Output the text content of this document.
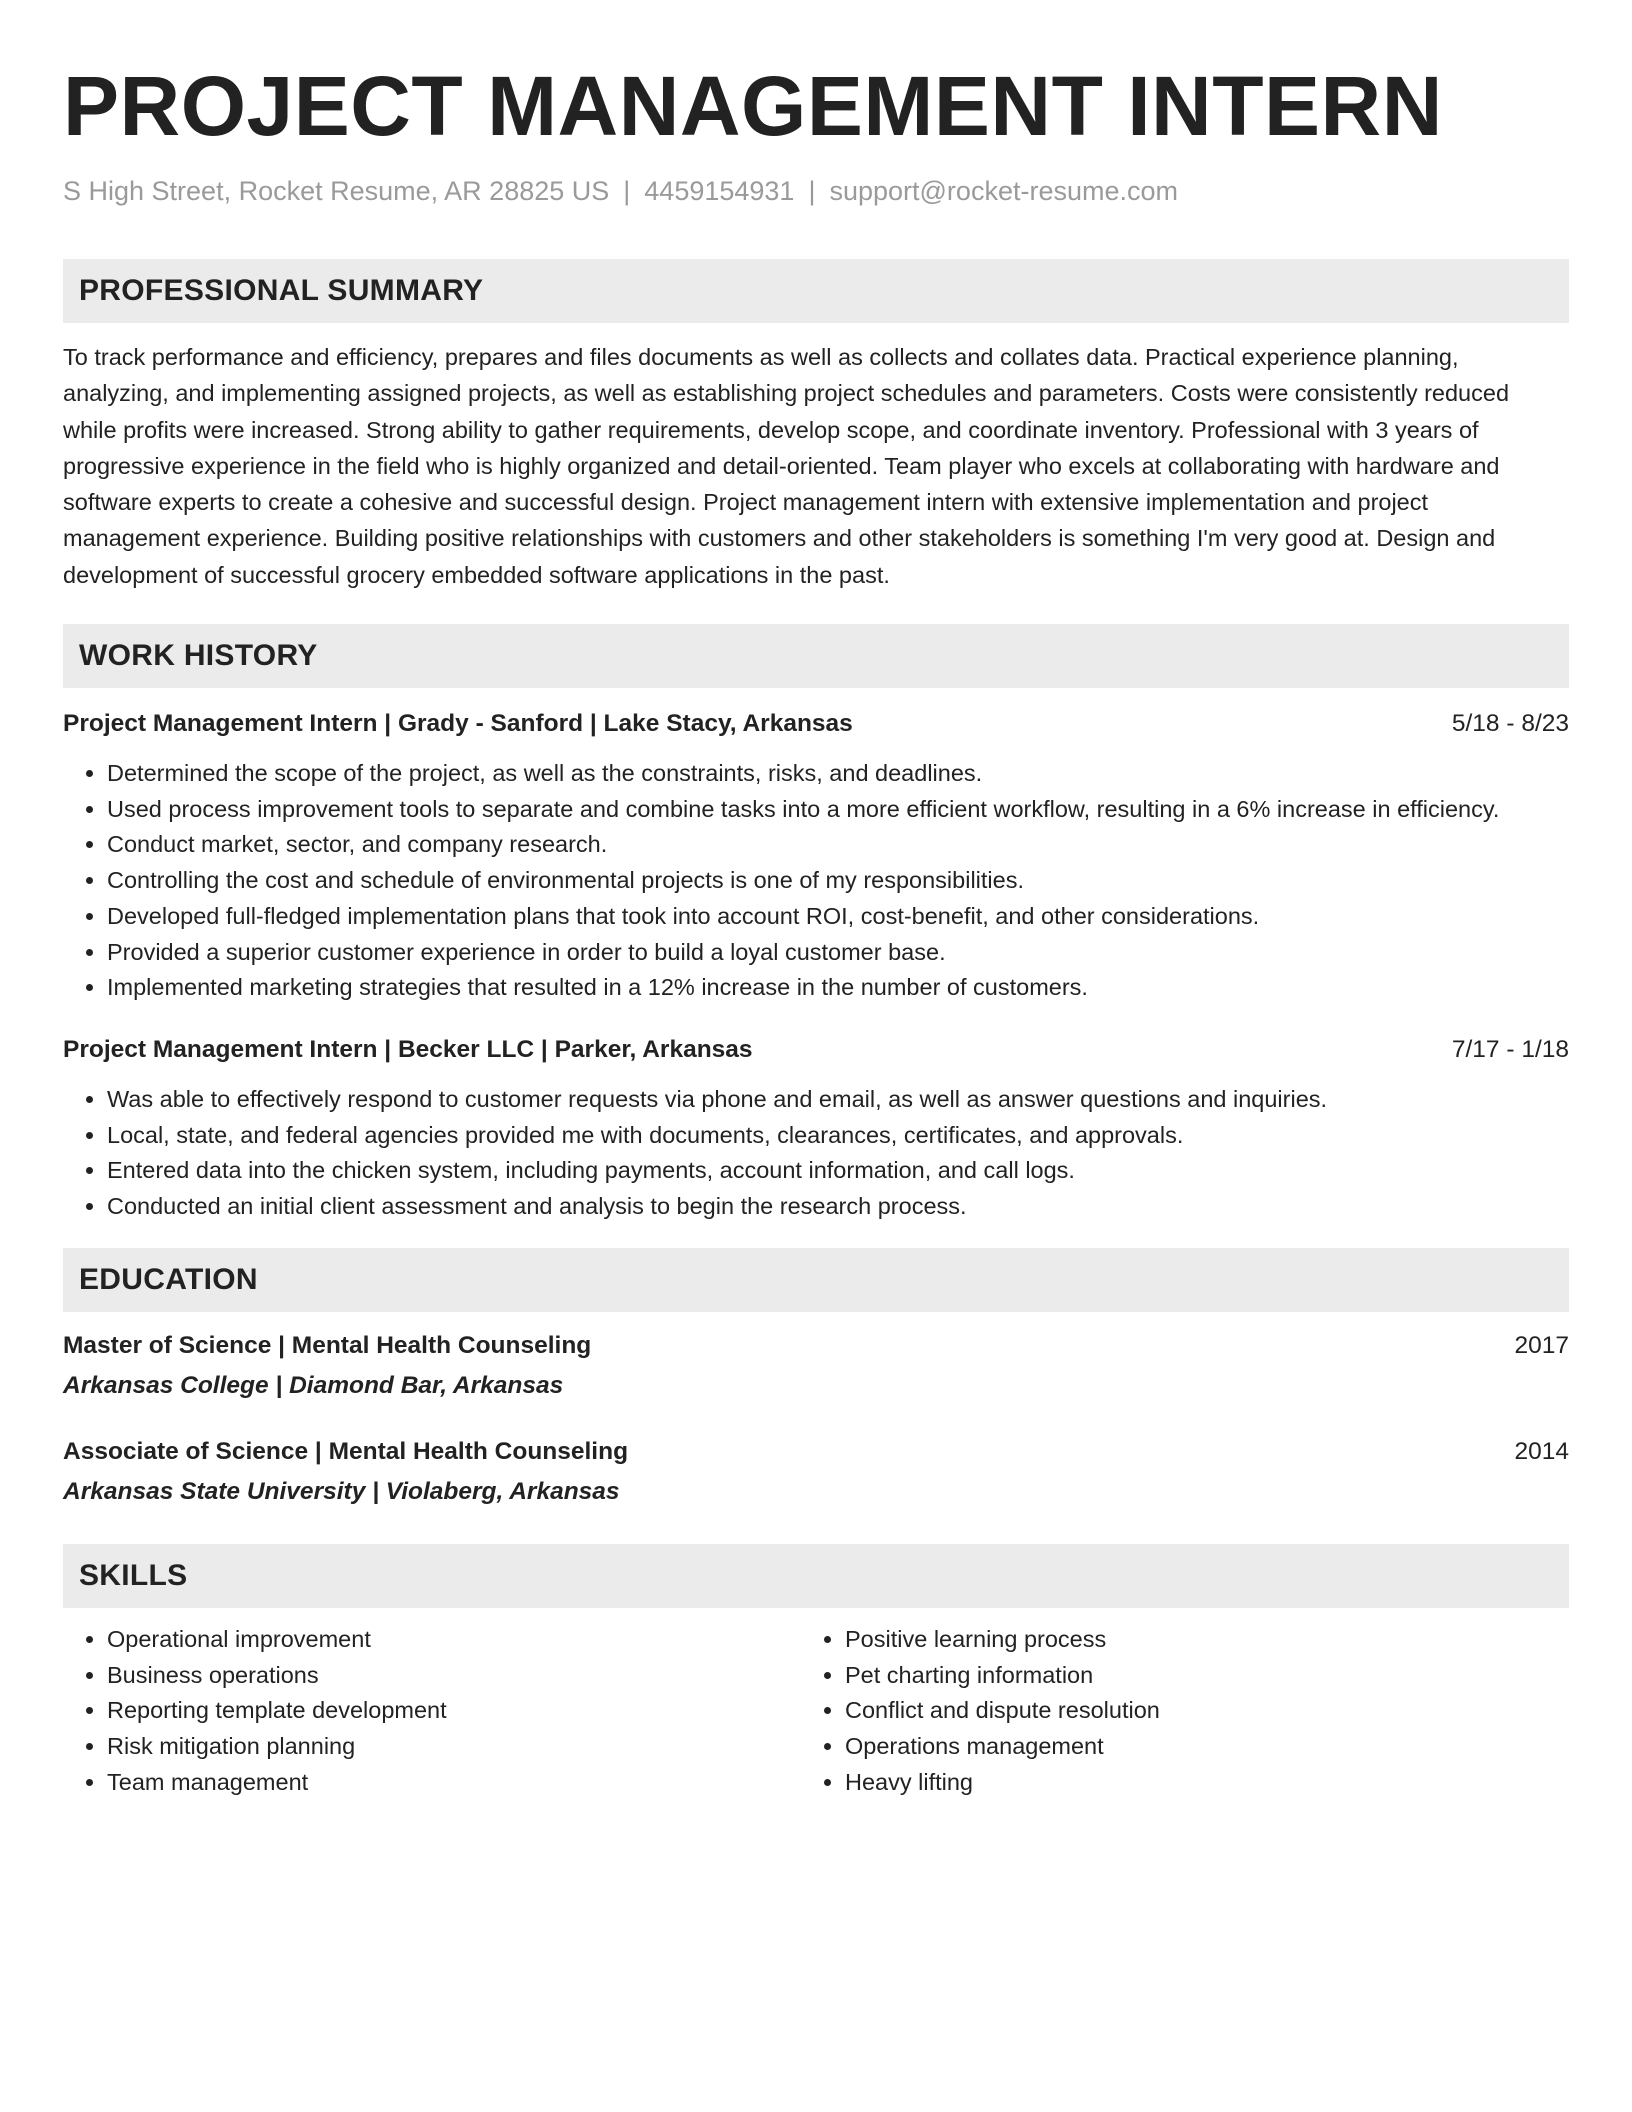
PROJECT MANAGEMENT INTERN
S High Street, Rocket Resume, AR 28825 US | 4459154931 | support@rocket-resume.com
PROFESSIONAL SUMMARY
To track performance and efficiency, prepares and files documents as well as collects and collates data. Practical experience planning, analyzing, and implementing assigned projects, as well as establishing project schedules and parameters. Costs were consistently reduced while profits were increased. Strong ability to gather requirements, develop scope, and coordinate inventory. Professional with 3 years of progressive experience in the field who is highly organized and detail-oriented. Team player who excels at collaborating with hardware and software experts to create a cohesive and successful design. Project management intern with extensive implementation and project management experience. Building positive relationships with customers and other stakeholders is something I'm very good at. Design and development of successful grocery embedded software applications in the past.
WORK HISTORY
Project Management Intern | Grady - Sanford | Lake Stacy, Arkansas	5/18 - 8/23
• Determined the scope of the project, as well as the constraints, risks, and deadlines.
• Used process improvement tools to separate and combine tasks into a more efficient workflow, resulting in a 6% increase in efficiency.
• Conduct market, sector, and company research.
• Controlling the cost and schedule of environmental projects is one of my responsibilities.
• Developed full-fledged implementation plans that took into account ROI, cost-benefit, and other considerations.
• Provided a superior customer experience in order to build a loyal customer base.
• Implemented marketing strategies that resulted in a 12% increase in the number of customers.
Project Management Intern | Becker LLC | Parker, Arkansas	7/17 - 1/18
• Was able to effectively respond to customer requests via phone and email, as well as answer questions and inquiries.
• Local, state, and federal agencies provided me with documents, clearances, certificates, and approvals.
• Entered data into the chicken system, including payments, account information, and call logs.
• Conducted an initial client assessment and analysis to begin the research process.
EDUCATION
Master of Science | Mental Health Counseling	2017
Arkansas College | Diamond Bar, Arkansas
Associate of Science | Mental Health Counseling	2014
Arkansas State University | Violaberg, Arkansas
SKILLS
• Operational improvement
• Business operations
• Reporting template development
• Risk mitigation planning
• Team management
• Positive learning process
• Pet charting information
• Conflict and dispute resolution
• Operations management
• Heavy lifting
